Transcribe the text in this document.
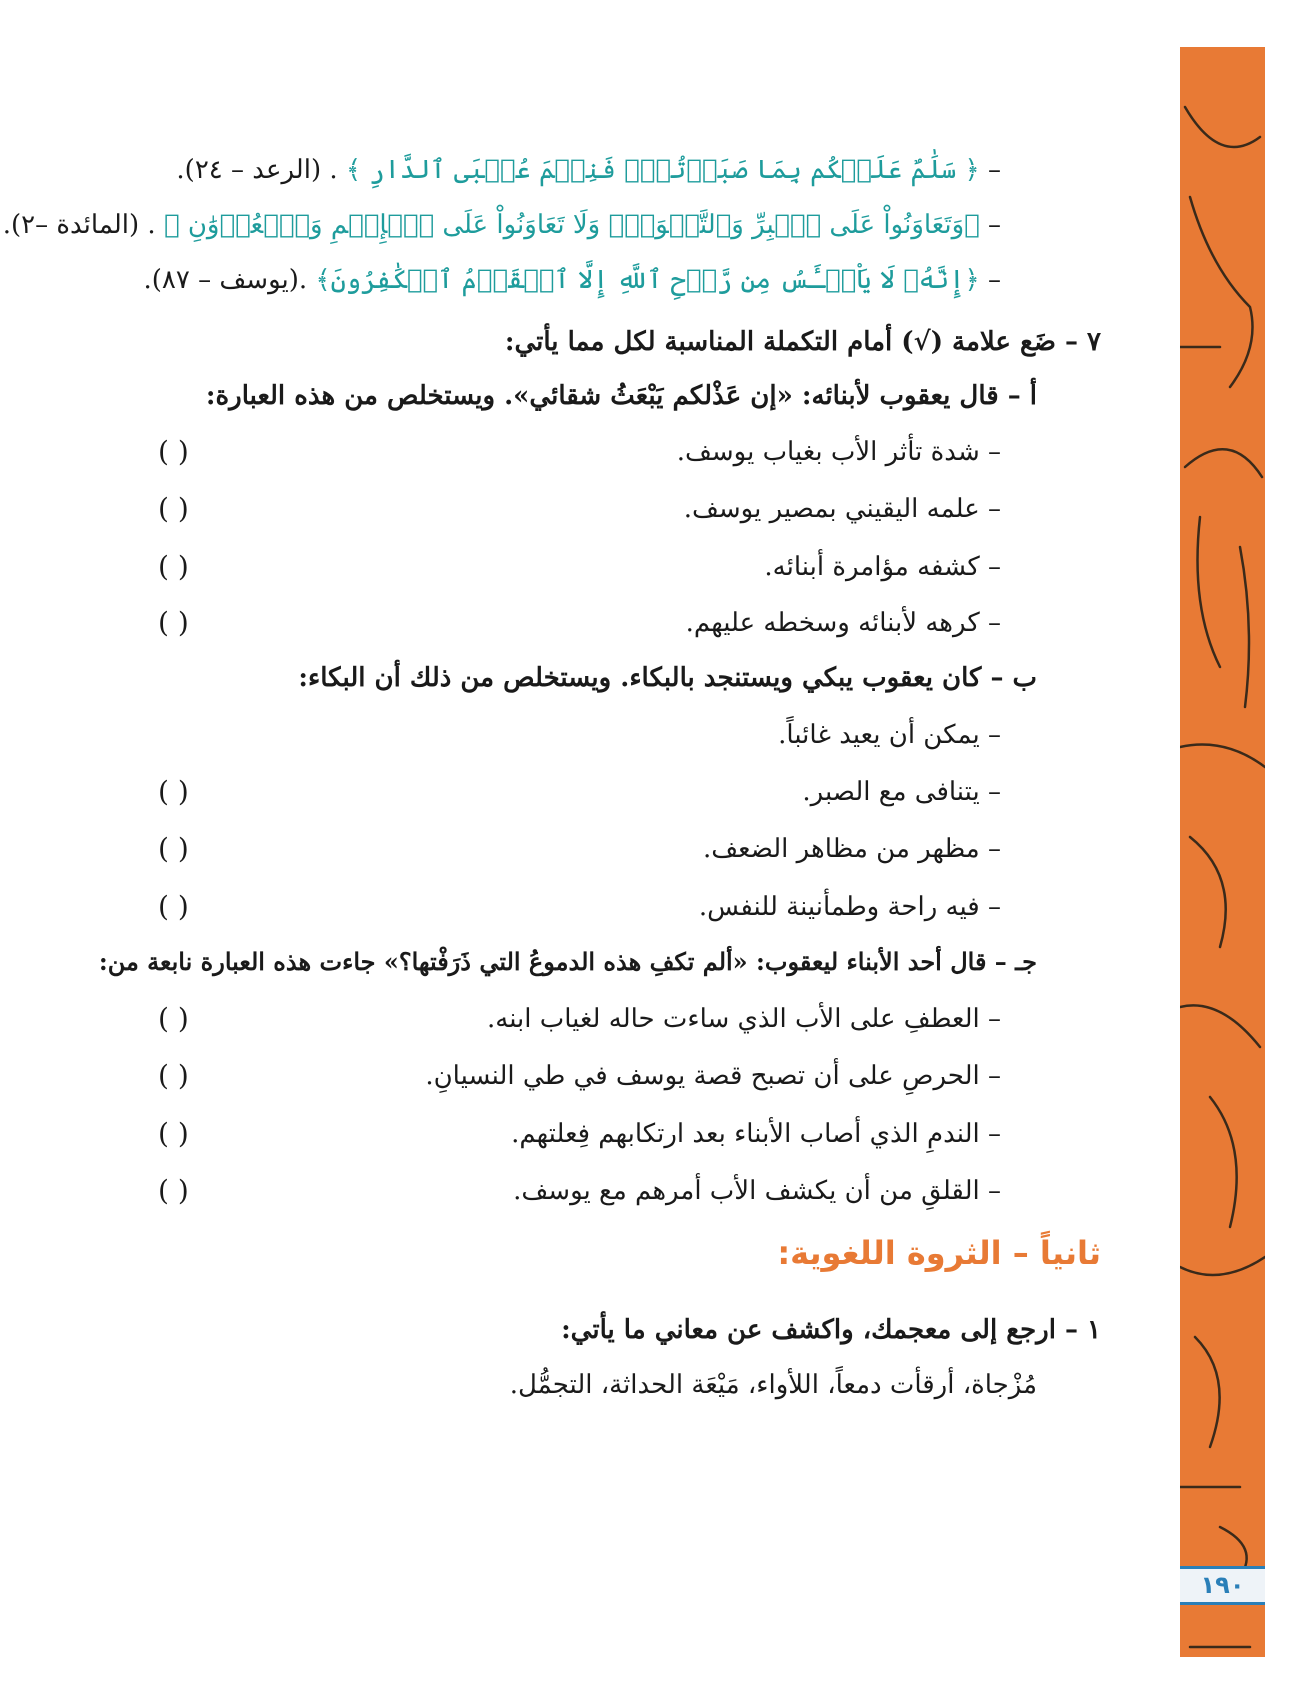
١٩٠
– ﴿ سَلَٰمٌ عَلَيۡكُم بِمَا صَبَرۡتُمۡۚ فَنِعۡمَ عُقۡبَى ٱلدَّارِ ﴾ . (الرعد – ٢٤).
– ﴿وَتَعَاوَنُواْ عَلَى ٱلۡبِرِّ وَٱلتَّقۡوَىٰۖ وَلَا تَعَاوَنُواْ عَلَى ٱلۡإِثۡمِ وَٱلۡعُدۡوَٰنِ ﴾ . (المائدة –٢).
– ﴿إِنَّهُۥ لَا يَاْيۡـَٔسُ مِن رَّوۡحِ ٱللَّهِ إِلَّا ٱلۡقَوۡمُ ٱلۡكَٰفِرُونَ﴾ .(يوسف – ٨٧).
٧ – ضَع علامة (√) أمام التكملة المناسبة لكل مما يأتي:
أ – قال يعقوب لأبنائه: «إن عَذْلكم يَبْعَثُ شقائي». ويستخلص من هذه العبارة:
– شدة تأثر الأب بغياب يوسف.
( )
– علمه اليقيني بمصير يوسف.
( )
– كشفه مؤامرة أبنائه.
( )
– كرهه لأبنائه وسخطه عليهم.
( )
ب – كان يعقوب يبكي ويستنجد بالبكاء. ويستخلص من ذلك أن البكاء:
– يمكن أن يعيد غائباً.
– يتنافى مع الصبر.
( )
– مظهر من مظاهر الضعف.
( )
– فيه راحة وطمأنينة للنفس.
( )
جـ – قال أحد الأبناء ليعقوب: «ألم تكفِ هذه الدموعُ التي ذَرَفْتها؟» جاءت هذه العبارة نابعة من:
– العطفِ على الأب الذي ساءت حاله لغياب ابنه.
( )
– الحرصِ على أن تصبح قصة يوسف في طي النسيانِ.
( )
– الندمِ الذي أصاب الأبناء بعد ارتكابهم فِعلتهم.
( )
– القلقِ من أن يكشف الأب أمرهم مع يوسف.
( )
ثانياً – الثروة اللغوية:
١ – ارجع إلى معجمك، واكشف عن معاني ما يأتي:
مُزْجاة، أرقأت دمعاً، اللأواء، مَيْعَة الحداثة، التجمُّل.
